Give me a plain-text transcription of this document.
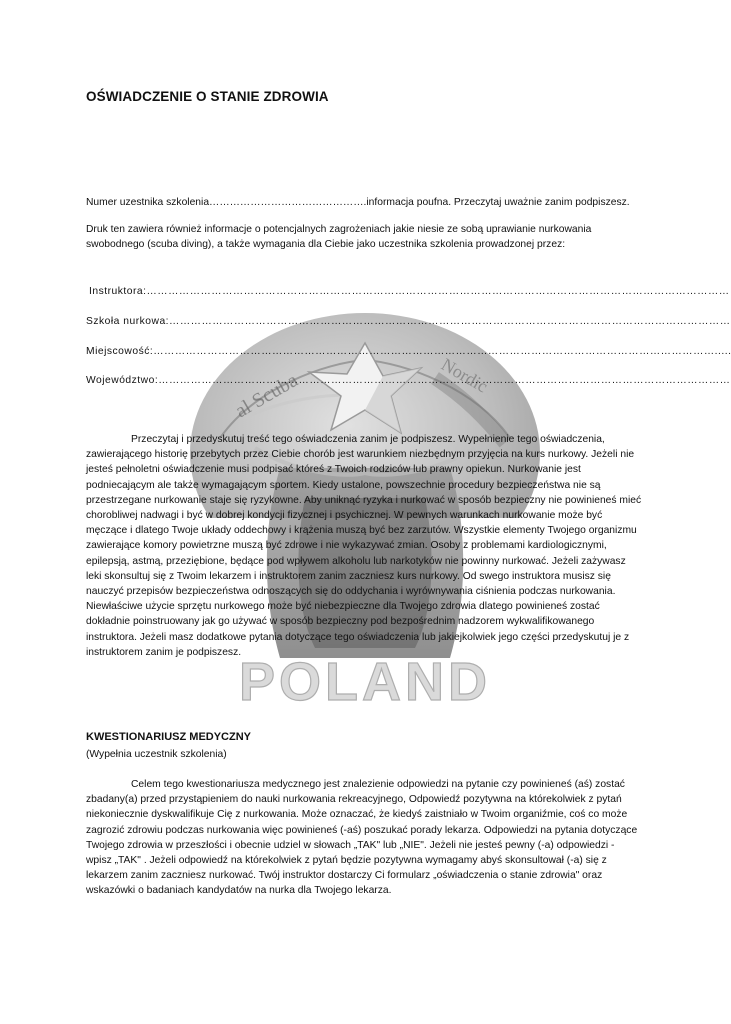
al Scuba	Nordic
POLAND
OŚWIADCZENIE O STANIE ZDROWIA
Numer uzestnika szkolenia……………………………………….informacja poufna. Przeczytaj uważnie zanim podpiszesz.
Druk ten zawiera również informacje o potencjalnych zagrożeniach jakie niesie ze sobą uprawianie nurkowania swobodnego (scuba diving), a także wymagania dla Ciebie jako uczestnika szkolenia prowadzonej przez:
Instruktora:………………………………………………………………………………………………………………………………………………
Szkoła nurkowa:…………………………………………………………………………………………………………………………………………
Miejscowość:………………………………………………………………………………………………………………………………………….....
Województwo:……………………………………………………………………………………………………………………………………………

Przeczytaj i przedyskutuj treść tego oświadczenia zanim je podpiszesz. Wypełnienie tego oświadczenia, zawierającego historię przebytych przez Ciebie chorób jest warunkiem niezbędnym przyjęcia na kurs nurkowy. Jeżeli nie jesteś pełnoletni oświadczenie musi podpisać któreś z Twoich rodziców lub prawny opiekun. Nurkowanie jest podniecającym ale także wymagającym sportem. Kiedy ustalone, powszechnie procedury bezpieczeństwa nie są przestrzegane nurkowanie staje się ryzykowne. Aby uniknąć ryzyka i nurkować w sposób bezpieczny nie powinieneś mieć chorobliwej nadwagi i być w dobrej kondycji fizycznej i psychicznej. W pewnych warunkach nurkowanie może być męczące i dlatego Twoje układy oddechowy i krążenia muszą być bez zarzutów. Wszystkie elementy Twojego organizmu zawierające komory powietrzne muszą być zdrowe i nie wykazywać zmian. Osoby z problemami kardiologicznymi, epilepsją, astmą, przeziębione, będące pod wpływem alkoholu lub narkotyków nie powinny nurkować. Jeżeli zażywasz leki skonsultuj się z Twoim lekarzem i instruktorem zanim zaczniesz kurs nurkowy. Od swego instruktora musisz się nauczyć przepisów bezpieczeństwa odnoszących się do oddychania i wyrównywania ciśnienia podczas nurkowania. Niewłaściwe użycie sprzętu nurkowego może być niebezpieczne dla Twojego zdrowia dlatego powinieneś zostać dokładnie poinstruowany jak go używać w sposób bezpieczny pod bezpośrednim nadzorem wykwalifikowanego instruktora. Jeżeli masz dodatkowe pytania dotyczące tego oświadczenia lub jakiejkolwiek jego części przedyskutuj je z instruktorem zanim je podpiszesz.

KWESTIONARIUSZ MEDYCZNY
(Wypełnia uczestnik szkolenia)

Celem tego kwestionariusza medycznego jest znalezienie odpowiedzi na pytanie czy powinieneś (aś) zostać zbadany(a) przed przystąpieniem do nauki nurkowania rekreacyjnego, Odpowiedź pozytywna na którekolwiek z pytań niekoniecznie dyskwalifikuje Cię z nurkowania. Może oznaczać, że kiedyś zaistniało w Twoim organiźmie, coś co może zagrozić zdrowiu podczas nurkowania więc powinieneś (-aś) poszukać porady lekarza. Odpowiedzi na pytania dotyczące Twojego zdrowia w przeszłości i obecnie udziel w słowach „TAK" lub „NIE". Jeżeli nie jesteś pewny (-a) odpowiedzi - wpisz „TAK" . Jeżeli odpowiedź na którekolwiek z pytań będzie pozytywna wymagamy abyś skonsultował (-a) się z lekarzem zanim zaczniesz nurkować. Twój instruktor dostarczy Ci formularz „oświadczenia o stanie zdrowia" oraz wskazówki o badaniach kandydatów na nurka dla Twojego lekarza.
